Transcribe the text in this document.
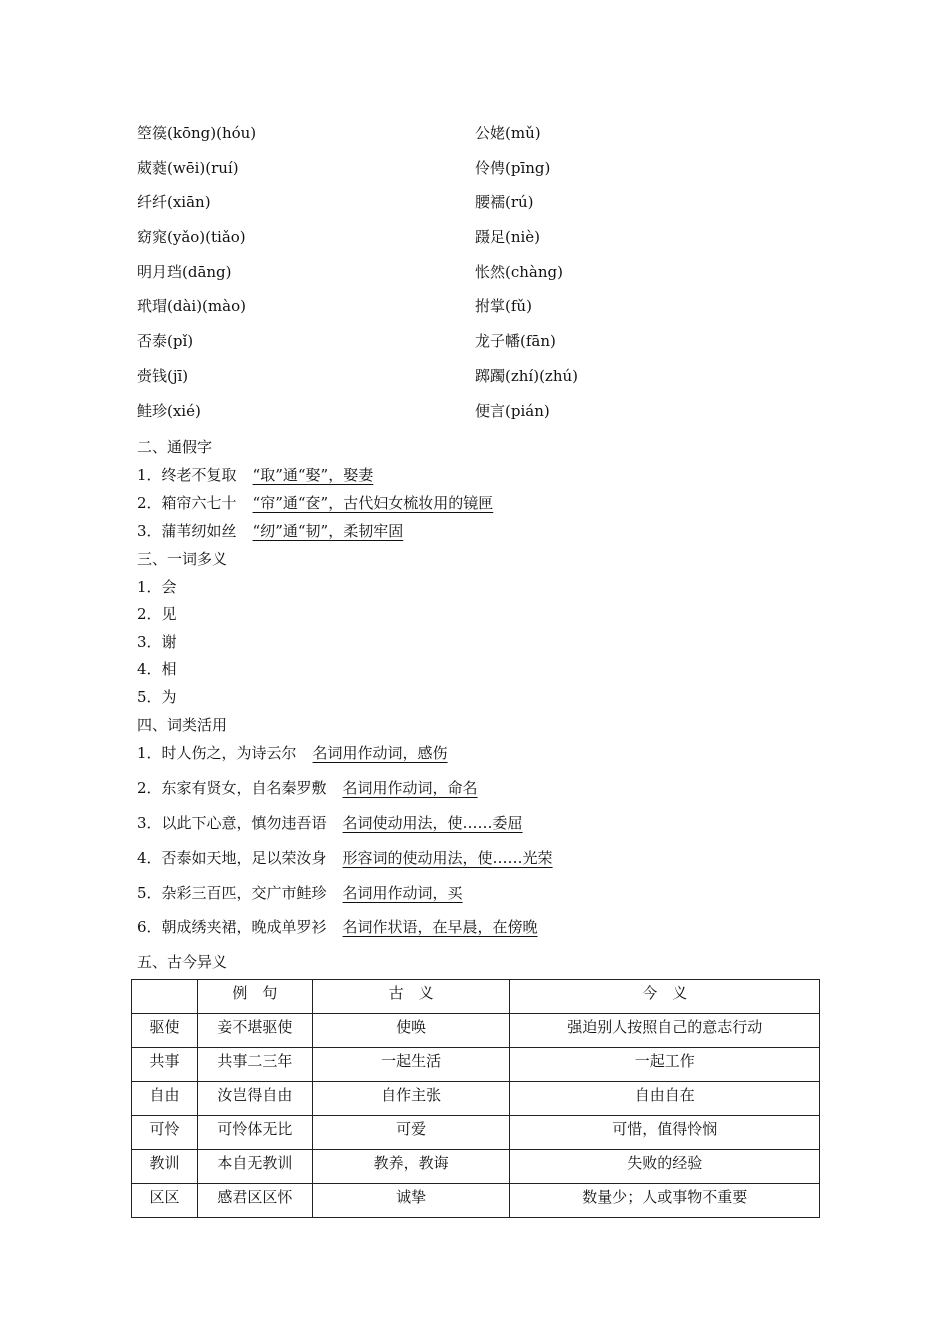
箜篌(kōng)(hóu)	公姥(mǔ)
葳蕤(wēi)(ruí)	伶俜(pīng)
纤纤(xiān)	腰襦(rú)
窈窕(yǎo)(tiǎo)	蹑足(niè)
明月珰(dāng)	怅然(chàng)
玳瑁(dài)(mào)	拊掌(fǔ)
否泰(pǐ)	龙子幡(fān)
赍钱(jī)	踯躅(zhí)(zhú)
鲑珍(xié)	便言(pián)
二、通假字
1．终老不复取 “取”通“娶”，娶妻
2．箱帘六七十 “帘”通“奁”，古代妇女梳妆用的镜匣
3．蒲苇纫如丝 “纫”通“韧”，柔韧牢固
三、一词多义
1．会
2．见
3．谢
4．相
5．为
四、词类活用
1．时人伤之，为诗云尔 名词用作动词，感伤
2．东家有贤女，自名秦罗敷 名词用作动词，命名
3．以此下心意，慎勿违吾语 名词使动用法，使……委屈
4．否泰如天地，足以荣汝身 形容词的使动用法，使……光荣
5．杂彩三百匹，交广市鲑珍 名词用作动词，买
6．朝成绣夹裙，晚成单罗衫 名词作状语，在早晨，在傍晚
五、古今异义
	例　句	古　义	今　义
驱使	妾不堪驱使	使唤	强迫别人按照自己的意志行动
共事	共事二三年	一起生活	一起工作
自由	汝岂得自由	自作主张	自由自在
可怜	可怜体无比	可爱	可惜，值得怜悯
教训	本自无教训	教养，教诲	失败的经验
区区	感君区区怀	诚挚	数量少；人或事物不重要
